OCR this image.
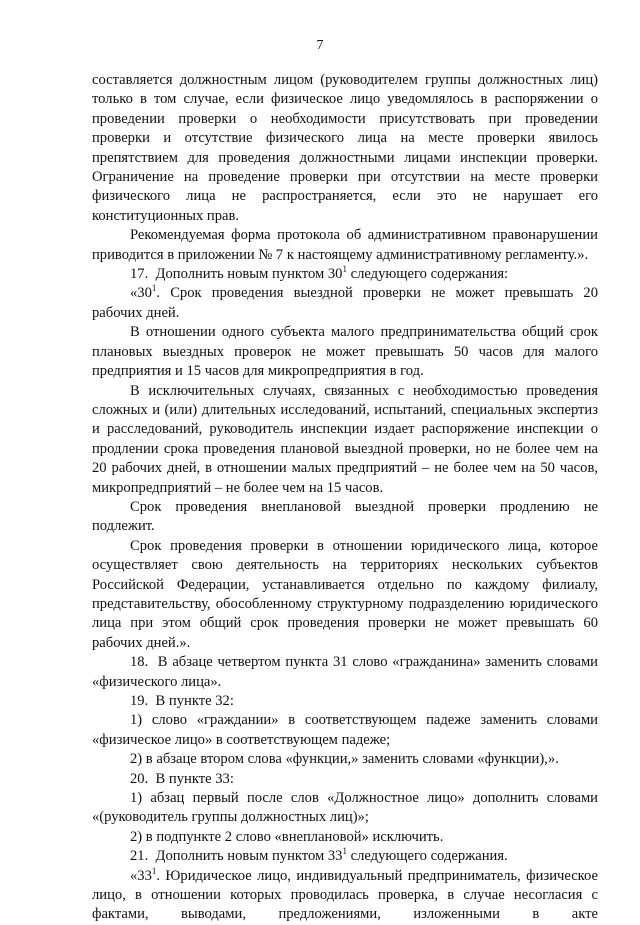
7

составляется должностным лицом (руководителем группы должностных лиц) только в том случае, если физическое лицо уведомлялось в распоряжении о проведении проверки о необходимости присутствовать при проведении проверки и отсутствие физического лица на месте проверки явилось препятствием для проведения должностными лицами инспекции проверки. Ограничение на проведение проверки при отсутствии на месте проверки физического лица не распространяется, если это не нарушает его конституционных прав.

Рекомендуемая форма протокола об административном правонарушении приводится в приложении № 7 к настоящему административному регламенту.».

17.  Дополнить новым пунктом $30^1$ следующего содержания:

«$30^1$. Срок проведения выездной проверки не может превышать 20 рабочих дней.

В отношении одного субъекта малого предпринимательства общий срок плановых выездных проверок не может превышать 50 часов для малого предприятия и 15 часов для микропредприятия в год.

В исключительных случаях, связанных с необходимостью проведения сложных и (или) длительных исследований, испытаний, специальных экспертиз и расследований, руководитель инспекции издает распоряжение инспекции о продлении срока проведения плановой выездной проверки, но не более чем на 20 рабочих дней, в отношении малых предприятий – не более чем на 50 часов, микропредприятий – не более чем на 15 часов.

Срок проведения внеплановой выездной проверки продлению не подлежит.

Срок проведения проверки в отношении юридического лица, которое осуществляет свою деятельность на территориях нескольких субъектов Российской Федерации, устанавливается отдельно по каждому филиалу, представительству, обособленному структурному подразделению юридического лица при этом общий срок проведения проверки не может превышать 60 рабочих дней.».

18.  В абзаце четвертом пункта 31 слово «гражданина» заменить словами «физического лица».

19.  В пункте 32:

1) слово «граждании» в соответствующем падеже заменить словами «физическое лицо» в соответствующем падеже;

2) в абзаце втором слова «функции,» заменить словами «функции),».

20.  В пункте 33:

1) абзац первый после слов «Должностное лицо» дополнить словами «(руководитель группы должностных лиц)»;

2) в подпункте 2 слово «внеплановой» исключить.

21.  Дополнить новым пунктом $33^1$ следующего содержания.

«$33^1$. Юридическое лицо, индивидуальный предприниматель, физическое лицо, в отношении которых проводилась проверка, в случае несогласия с фактами, выводами, предложениями, изложенными в акте
